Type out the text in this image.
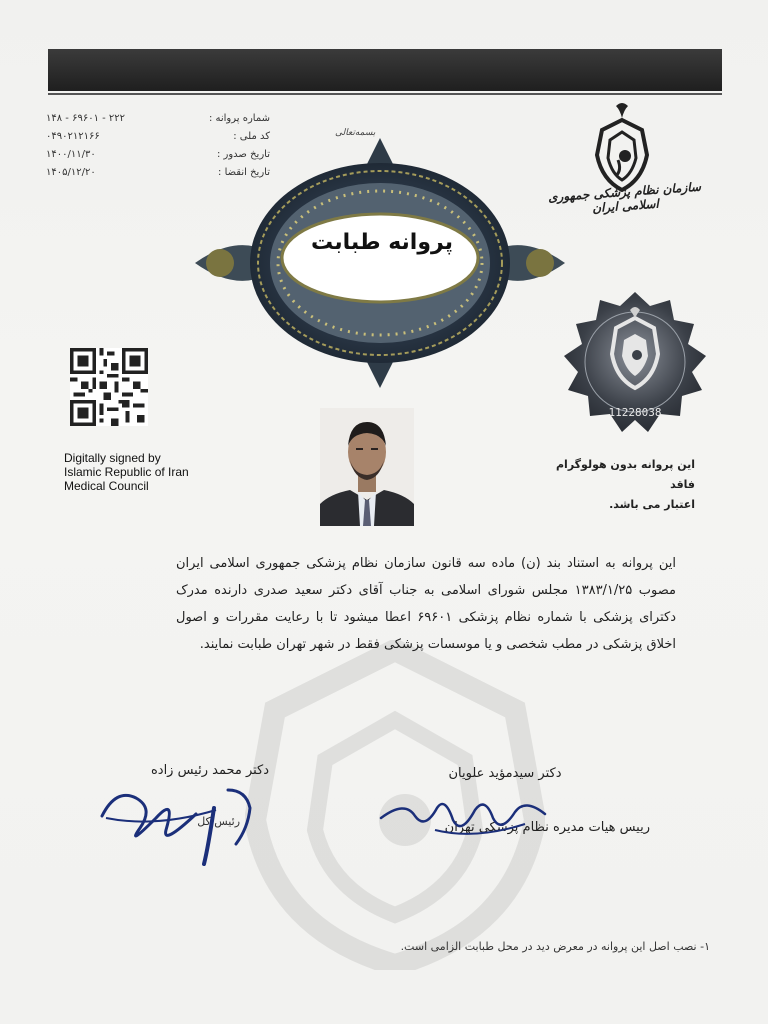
۲۲۲ - ۶۹۶۰۱ - ۱۴۸
۰۴۹۰۲۱۲۱۶۶
۱۴۰۰/۱۱/۳۰
۱۴۰۵/۱۲/۲۰
شماره پروانه :
کد ملی :
تاریخ صدور :
تاریخ انقضا :
بسمه‌تعالی
پروانه طبابت
سازمان نظام پزشکی جمهوری اسلامی ایران
Digitally signed by
Islamic Republic of Iran
Medical Council
11228038
این پروانه بدون هولوگرام فاقد
اعتبار می باشد.
این پروانه به استناد بند (ن) ماده سه قانون سازمان نظام پزشکی جمهوری اسلامی ایران مصوب ۱۳۸۳/۱/۲۵ مجلس شورای اسلامی به جناب آقای دکتر سعید صدری دارنده مدرک دکترای پزشکی با شماره نظام پزشکی ۶۹۶۰۱ اعطا میشود تا با رعایت مقررات و اصول اخلاق پزشکی در مطب شخصی و یا موسسات پزشکی فقط در شهر تهران طبابت نمایند.
دکتر محمد رئیس زاده
رئیس کل
دکتر سیدمؤید علویان
رییس هیات مدیره نظام پزشکی تهران
۱- نصب اصل این پروانه در معرض دید در محل طبابت الزامی است.
